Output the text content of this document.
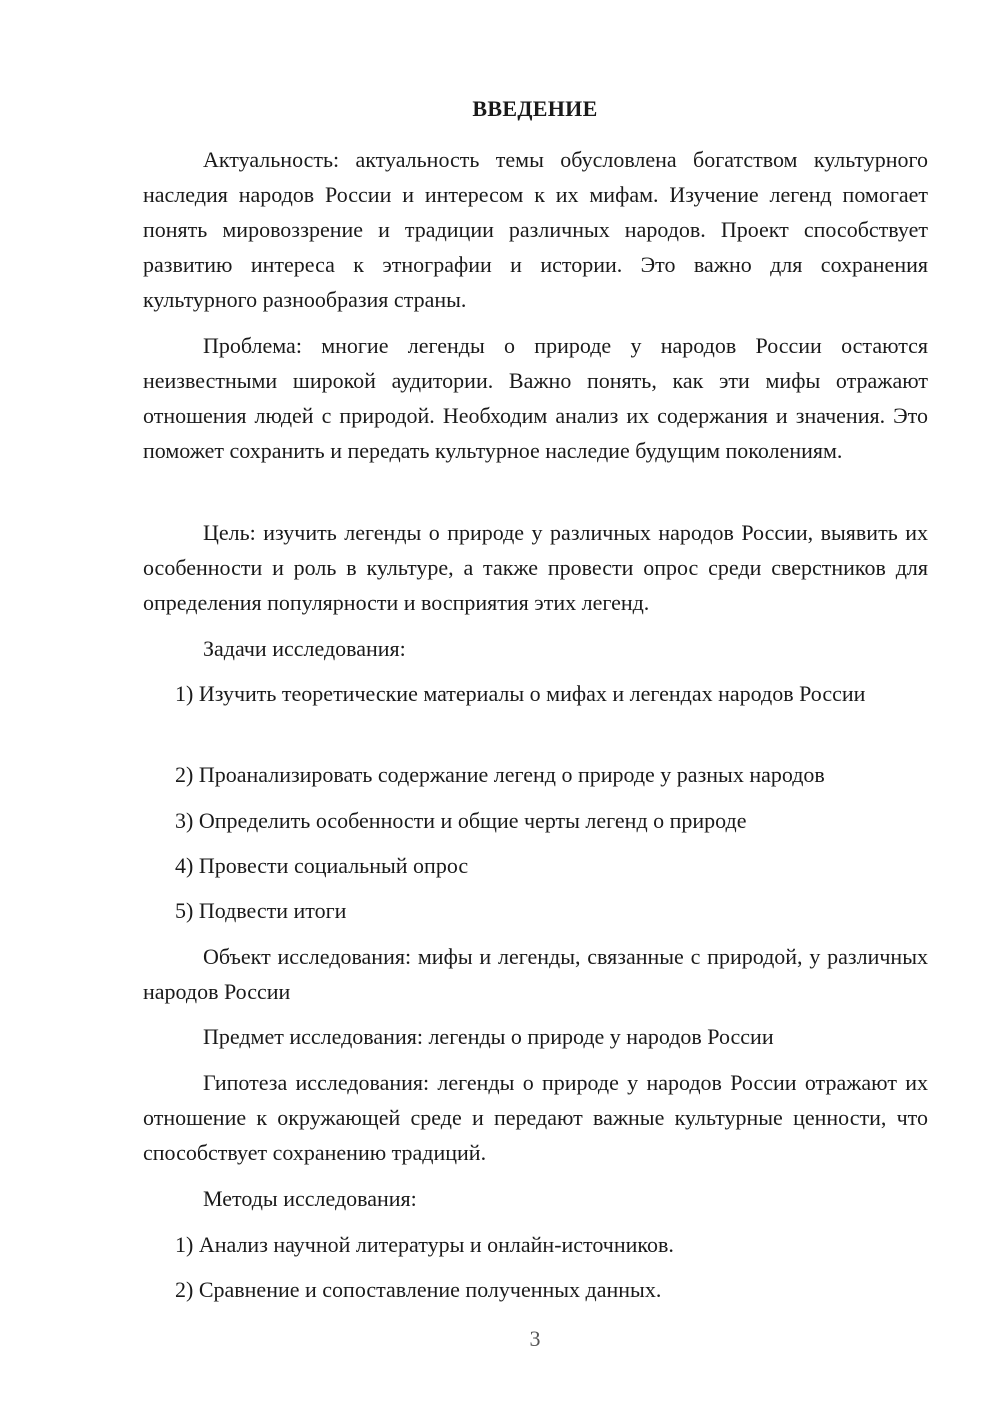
ВВЕДЕНИЕ

Актуальность: актуальность темы обусловлена богатством культурного наследия народов России и интересом к их мифам. Изучение легенд помогает понять мировоззрение и традиции различных народов. Проект способствует развитию интереса к этнографии и истории. Это важно для сохранения культурного разнообразия страны.

Проблема: многие легенды о природе у народов России остаются неизвестными широкой аудитории. Важно понять, как эти мифы отражают отношения людей с природой. Необходим анализ их содержания и значения. Это поможет сохранить и передать культурное наследие будущим поколениям.

Цель: изучить легенды о природе у различных народов России, выявить их особенности и роль в культуре, а также провести опрос среди сверстников для определения популярности и восприятия этих легенд.

Задачи исследования:

1) Изучить теоретические материалы о мифах и легендах народов России

2) Проанализировать содержание легенд о природе у разных народов

3) Определить особенности и общие черты легенд о природе

4) Провести социальный опрос

5) Подвести итоги

Объект исследования: мифы и легенды, связанные с природой, у различных народов России

Предмет исследования: легенды о природе у народов России

Гипотеза исследования: легенды о природе у народов России отражают их отношение к окружающей среде и передают важные культурные ценности, что способствует сохранению традиций.

Методы исследования:

1) Анализ научной литературы и онлайн-источников.

2) Сравнение и сопоставление полученных данных.

3
